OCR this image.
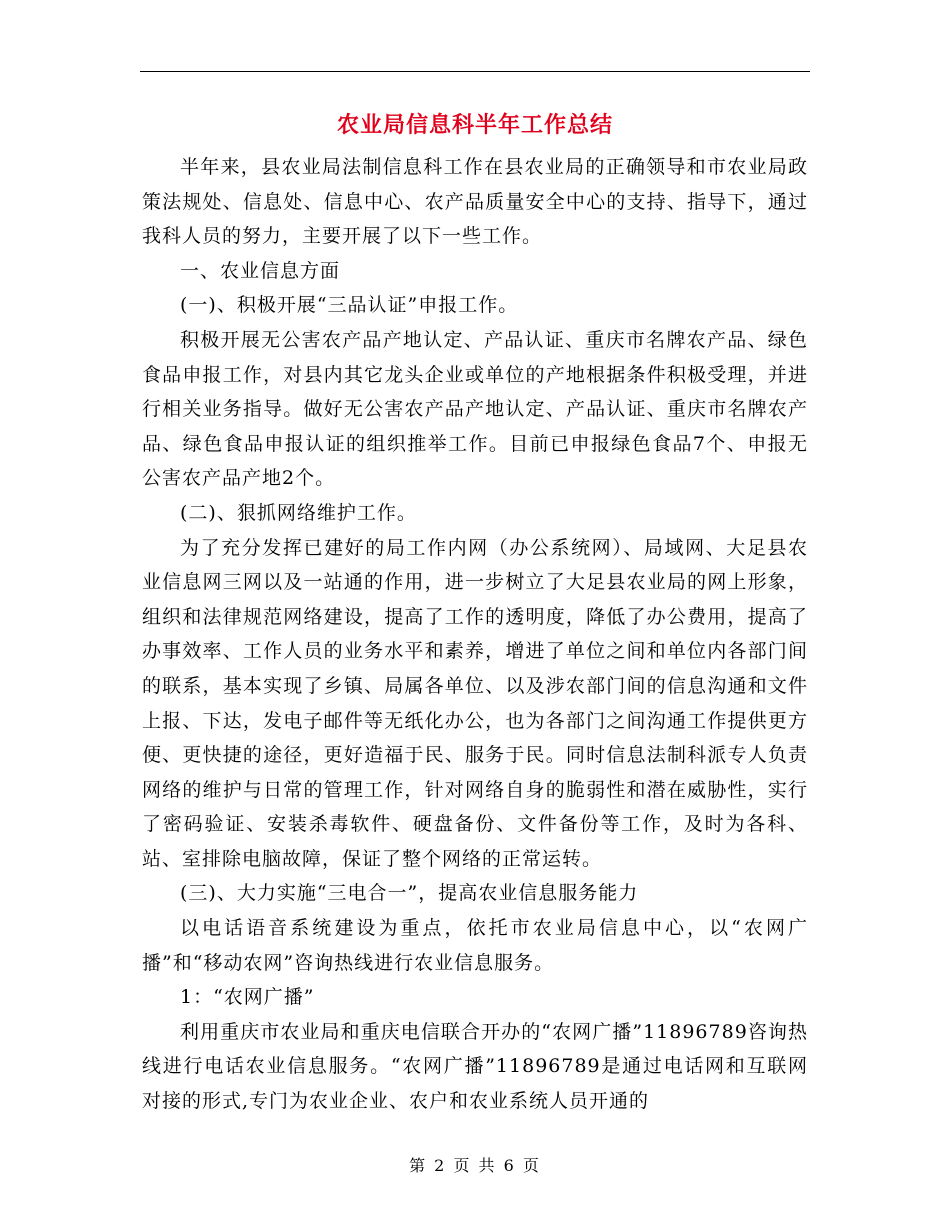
农业局信息科半年工作总结

半年来，县农业局法制信息科工作在县农业局的正确领导和市农业局政策法规处、信息处、信息中心、农产品质量安全中心的支持、指导下，通过我科人员的努力，主要开展了以下一些工作。

一、农业信息方面

(一)、积极开展“三品认证”申报工作。

积极开展无公害农产品产地认定、产品认证、重庆市名牌农产品、绿色食品申报工作，对县内其它龙头企业或单位的产地根据条件积极受理，并进行相关业务指导。做好无公害农产品产地认定、产品认证、重庆市名牌农产品、绿色食品申报认证的组织推举工作。目前已申报绿色食品7个、申报无公害农产品产地2个。

(二)、狠抓网络维护工作。

为了充分发挥已建好的局工作内网（办公系统网）、局域网、大足县农业信息网三网以及一站通的作用，进一步树立了大足县农业局的网上形象，组织和法律规范网络建设，提高了工作的透明度，降低了办公费用，提高了办事效率、工作人员的业务水平和素养，增进了单位之间和单位内各部门间的联系，基本实现了乡镇、局属各单位、以及涉农部门间的信息沟通和文件上报、下达，发电子邮件等无纸化办公，也为各部门之间沟通工作提供更方便、更快捷的途径，更好造福于民、服务于民。同时信息法制科派专人负责网络的维护与日常的管理工作，针对网络自身的脆弱性和潜在威胁性，实行了密码验证、安装杀毒软件、硬盘备份、文件备份等工作，及时为各科、站、室排除电脑故障，保证了整个网络的正常运转。

(三)、大力实施“三电合一”，提高农业信息服务能力

以电话语音系统建设为重点，依托市农业局信息中心，以“农网广播”和“移动农网”咨询热线进行农业信息服务。

1：“农网广播”

利用重庆市农业局和重庆电信联合开办的“农网广播”11896789咨询热线进行电话农业信息服务。“农网广播”11896789是通过电话网和互联网对接的形式,专门为农业企业、农户和农业系统人员开通的

第 2 页 共 6 页
